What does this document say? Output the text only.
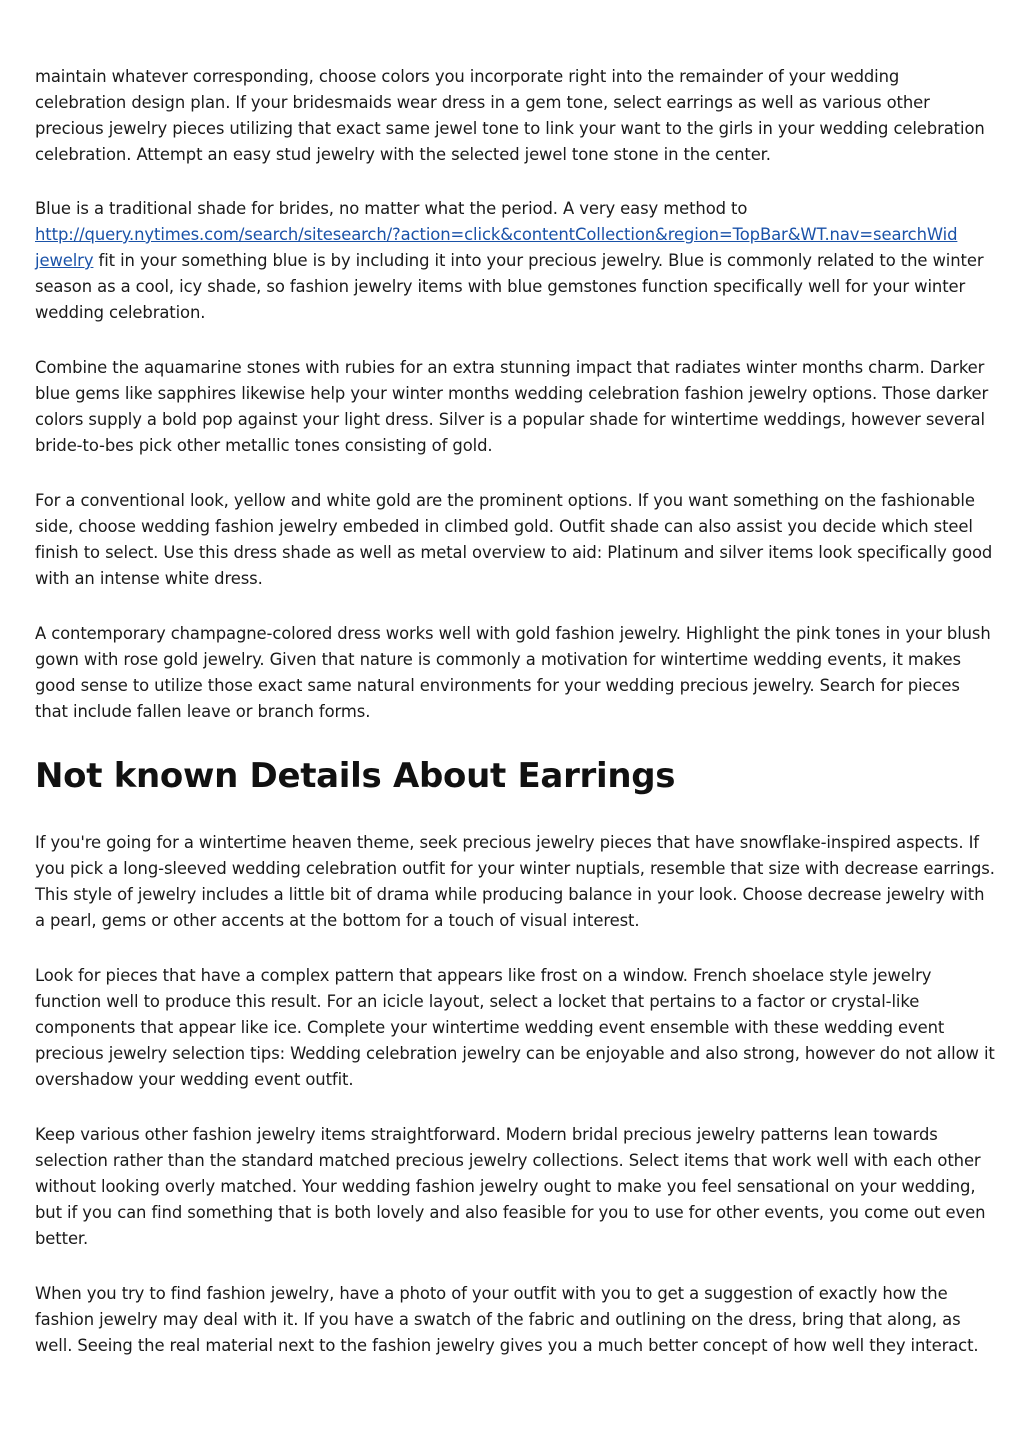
maintain whatever corresponding, choose colors you incorporate right into the remainder of your wedding celebration design plan. If your bridesmaids wear dress in a gem tone, select earrings as well as various other precious jewelry pieces utilizing that exact same jewel tone to link your want to the girls in your wedding celebration celebration. Attempt an easy stud jewelry with the selected jewel tone stone in the center.

Blue is a traditional shade for brides, no matter what the period. A very easy method to http://query.nytimes.com/search/sitesearch/?action=click&contentCollection&region=TopBar&WT.nav=searchWid jewelry fit in your something blue is by including it into your precious jewelry. Blue is commonly related to the winter season as a cool, icy shade, so fashion jewelry items with blue gemstones function specifically well for your winter wedding celebration.

Combine the aquamarine stones with rubies for an extra stunning impact that radiates winter months charm. Darker blue gems like sapphires likewise help your winter months wedding celebration fashion jewelry options. Those darker colors supply a bold pop against your light dress. Silver is a popular shade for wintertime weddings, however several bride-to-bes pick other metallic tones consisting of gold.

For a conventional look, yellow and white gold are the prominent options. If you want something on the fashionable side, choose wedding fashion jewelry embeded in climbed gold. Outfit shade can also assist you decide which steel finish to select. Use this dress shade as well as metal overview to aid: Platinum and silver items look specifically good with an intense white dress.

A contemporary champagne-colored dress works well with gold fashion jewelry. Highlight the pink tones in your blush gown with rose gold jewelry. Given that nature is commonly a motivation for wintertime wedding events, it makes good sense to utilize those exact same natural environments for your wedding precious jewelry. Search for pieces that include fallen leave or branch forms.

Not known Details About Earrings

If you're going for a wintertime heaven theme, seek precious jewelry pieces that have snowflake-inspired aspects. If you pick a long-sleeved wedding celebration outfit for your winter nuptials, resemble that size with decrease earrings. This style of jewelry includes a little bit of drama while producing balance in your look. Choose decrease jewelry with a pearl, gems or other accents at the bottom for a touch of visual interest.

Look for pieces that have a complex pattern that appears like frost on a window. French shoelace style jewelry function well to produce this result. For an icicle layout, select a locket that pertains to a factor or crystal-like components that appear like ice. Complete your wintertime wedding event ensemble with these wedding event precious jewelry selection tips: Wedding celebration jewelry can be enjoyable and also strong, however do not allow it overshadow your wedding event outfit.

Keep various other fashion jewelry items straightforward. Modern bridal precious jewelry patterns lean towards selection rather than the standard matched precious jewelry collections. Select items that work well with each other without looking overly matched. Your wedding fashion jewelry ought to make you feel sensational on your wedding, but if you can find something that is both lovely and also feasible for you to use for other events, you come out even better.

When you try to find fashion jewelry, have a photo of your outfit with you to get a suggestion of exactly how the fashion jewelry may deal with it. If you have a swatch of the fabric and outlining on the dress, bring that along, as well. Seeing the real material next to the fashion jewelry gives you a much better concept of how well they interact.
